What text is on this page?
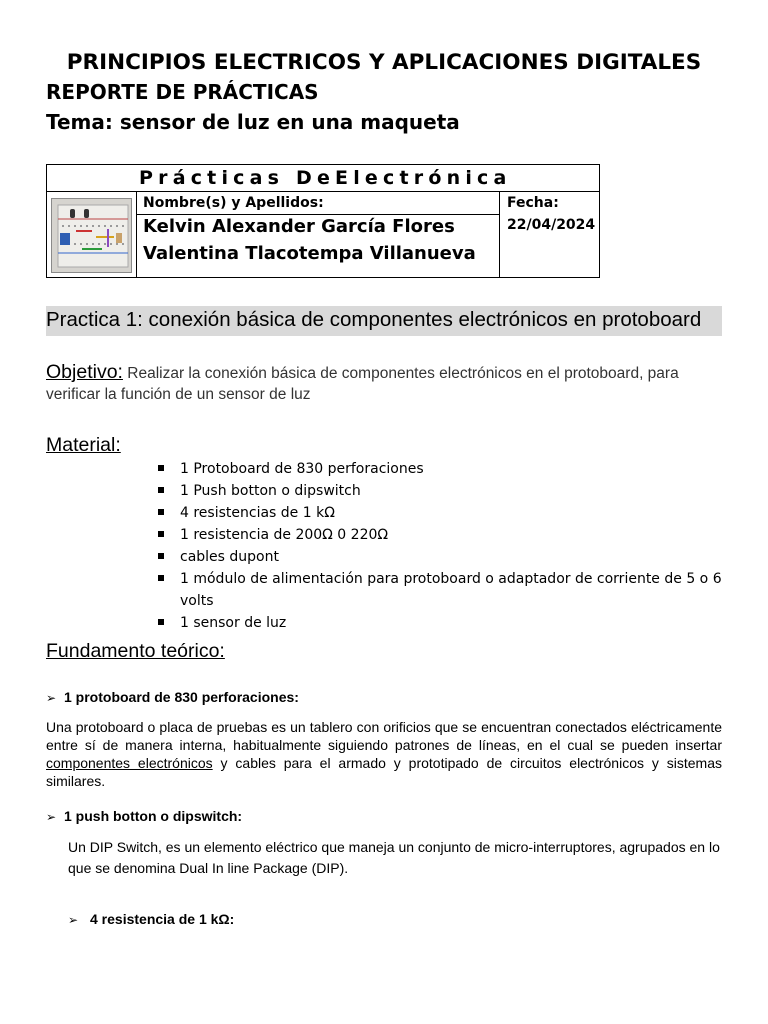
PRINCIPIOS ELECTRICOS Y APLICACIONES DIGITALES
REPORTE DE PRÁCTICAS
Tema: sensor de luz en una maqueta
Prácticas DeElectrónica
Nombre(s) y Apellidos:
Kelvin Alexander García Flores
Valentina Tlacotempa Villanueva
Fecha:
22/04/2024
Practica 1: conexión básica de componentes electrónicos en protoboard
Objetivo: Realizar la conexión básica de componentes electrónicos en el protoboard, para verificar la función de un sensor de luz
Material:
1 Protoboard de 830 perforaciones
1 Push botton o dipswitch
4 resistencias de 1 kΩ
1 resistencia de 200Ω 0 220Ω
cables dupont
1 módulo de alimentación para protoboard o adaptador de corriente de 5 o 6 volts
1 sensor de luz
Fundamento teórico:
➢ 1 protoboard de 830 perforaciones:
Una protoboard o placa de pruebas es un tablero con orificios que se encuentran conectados eléctricamente entre sí de manera interna, habitualmente siguiendo patrones de líneas, en el cual se pueden insertar componentes electrónicos y cables para el armado y prototipado de circuitos electrónicos y sistemas similares.
➢ 1 push botton o dipswitch:
Un DIP Switch, es un elemento eléctrico que maneja un conjunto de micro-interruptores, agrupados en lo que se denomina Dual In line Package (DIP).
➢ 4 resistencia de 1 kΩ:
